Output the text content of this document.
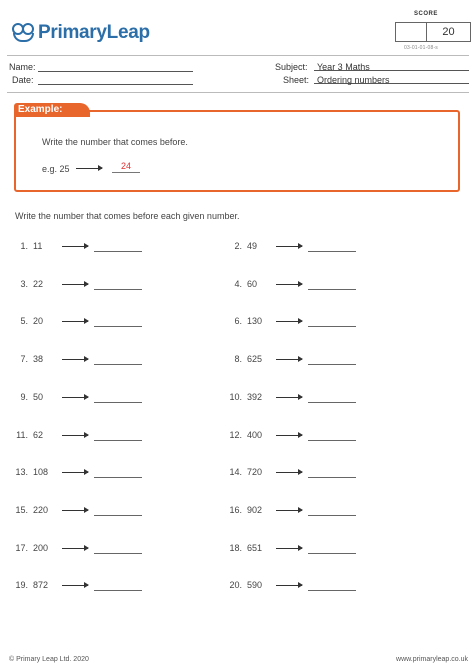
PrimaryLeap
SCORE
20
03-01-01-08-s
Name:
Date:
Subject:	Year 3 Maths
Sheet: Ordering numbers
Example:
Write the number that comes before.
e.g. 25	24
Write the number that comes before each given number.
1. 11	2. 49
3. 22	4. 60
5. 20	6. 130
7. 38	8. 625
9. 50	10. 392
11. 62	12. 400
13. 108	14. 720
15. 220	16. 902
17. 200	18. 651
19. 872	20. 590
© Primary Leap Ltd. 2020	www.primaryleap.co.uk
